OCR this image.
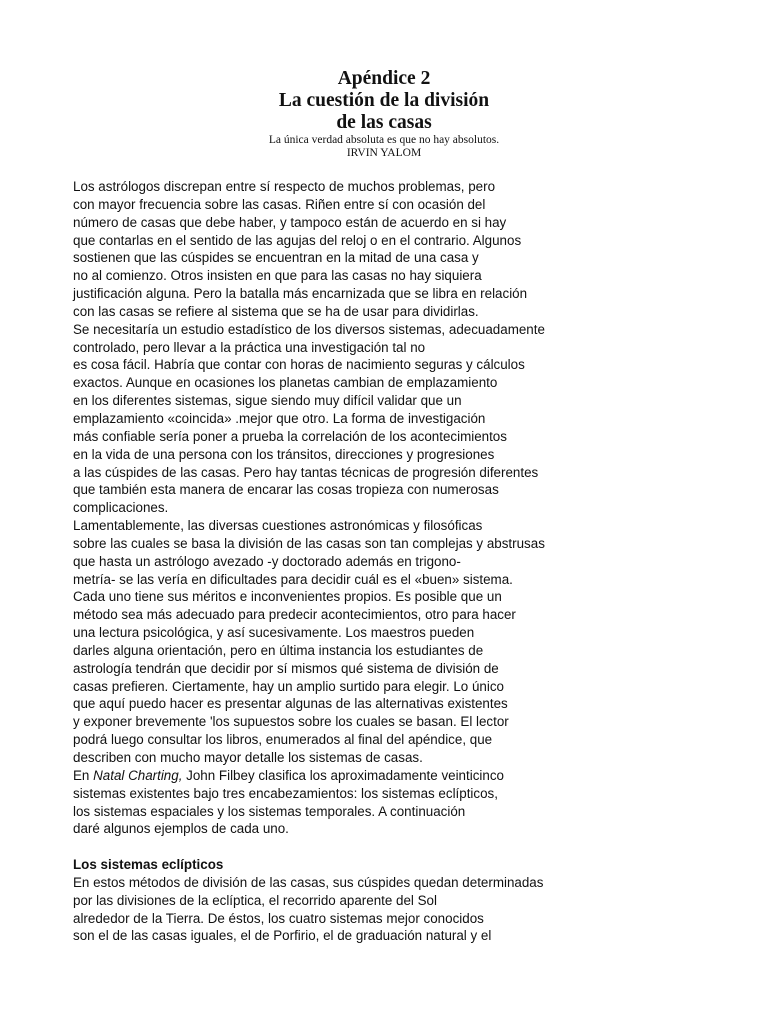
Apéndice 2

La cuestión de la división

de las casas

La única verdad absoluta es que no hay absolutos.

IRVIN YALOM

Los astrólogos discrepan entre sí respecto de muchos problemas, pero
con mayor frecuencia sobre las casas. Riñen entre sí con ocasión del
número de casas que debe haber, y tampoco están de acuerdo en si hay
que contarlas en el sentido de las agujas del reloj o en el contrario. Algunos
sostienen que las cúspides se encuentran en la mitad de una casa y
no al comienzo. Otros insisten en que para las casas no hay siquiera
justificación alguna. Pero la batalla más encarnizada que se libra en relación
con las casas se refiere al sistema que se ha de usar para dividirlas.
Se necesitaría un estudio estadístico de los diversos sistemas, adecuadamente
controlado, pero llevar a la práctica una investigación tal no
es cosa fácil. Habría que contar con horas de nacimiento seguras y cálculos
exactos. Aunque en ocasiones los planetas cambian de emplazamiento
en los diferentes sistemas, sigue siendo muy difícil validar que un
emplazamiento «coincida» .mejor que otro. La forma de investigación
más confiable sería poner a prueba la correlación de los acontecimientos
en la vida de una persona con los tránsitos, direcciones y progresiones
a las cúspides de las casas. Pero hay tantas técnicas de progresión diferentes
que también esta manera de encarar las cosas tropieza con numerosas
complicaciones.
Lamentablemente, las diversas cuestiones astronómicas y filosóficas
sobre las cuales se basa la división de las casas son tan complejas y abstrusas
que hasta un astrólogo avezado -y doctorado además en trigono-
metría- se las vería en dificultades para decidir cuál es el «buen» sistema.
Cada uno tiene sus méritos e inconvenientes propios. Es posible que un
método sea más adecuado para predecir acontecimientos, otro para hacer
una lectura psicológica, y así sucesivamente. Los maestros pueden
darles alguna orientación, pero en última instancia los estudiantes de
astrología tendrán que decidir por sí mismos qué sistema de división de
casas prefieren. Ciertamente, hay un amplio surtido para elegir. Lo único
que aquí puedo hacer es presentar algunas de las alternativas existentes
y exponer brevemente 'los supuestos sobre los cuales se basan. El lector
podrá luego consultar los libros, enumerados al final del apéndice, que
describen con mucho mayor detalle los sistemas de casas.
En Natal Charting, John Filbey clasifica los aproximadamente veinticinco
sistemas existentes bajo tres encabezamientos: los sistemas eclípticos,
los sistemas espaciales y los sistemas temporales. A continuación
daré algunos ejemplos de cada uno.
Los sistemas eclípticos
En estos métodos de división de las casas, sus cúspides quedan determinadas
por las divisiones de la eclíptica, el recorrido aparente del Sol
alrededor de la Tierra. De éstos, los cuatro sistemas mejor conocidos
son el de las casas iguales, el de Porfirio, el de graduación natural y el
